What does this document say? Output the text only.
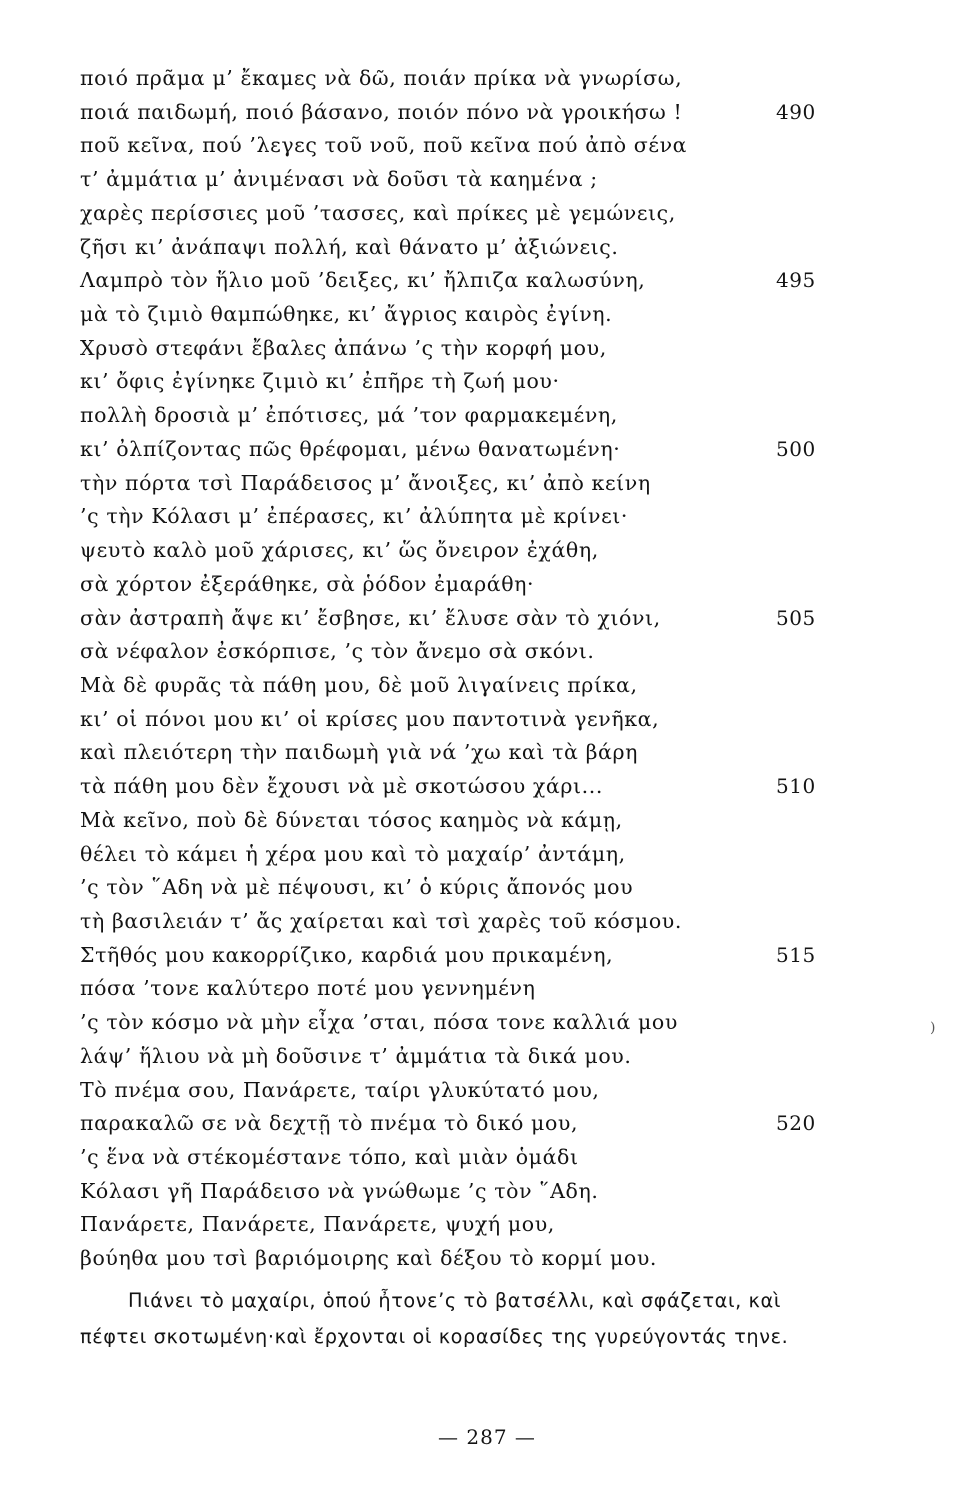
ποιό πρᾶμα μ’ ἔκαμες νὰ δῶ, ποιάν πρίκα νὰ γνωρίσω,
ποιά παιδωμή, ποιό βάσανο, ποιόν πόνο νὰ γροικήσω !	490
ποῦ κεῖνα, πού ’λεγες τοῦ νοῦ, ποῦ κεῖνα πού ἀπὸ σένα
τ’ ἀμμάτια μ’ ἀνιμένασι νὰ δοῦσι τὰ καημένα ;
χαρὲς περίσσιες μοῦ ’τασσες, καὶ πρίκες μὲ γεμώνεις,
ζῆσι κι’ ἀνάπαψι πολλή, καὶ θάνατο μ’ ἀξιώνεις.
Λαμπρὸ τὸν ἥλιο μοῦ ’δειξες, κι’ ἤλπιζα καλωσύνη,	495
μὰ τὸ ζιμιὸ θαμπώθηκε, κι’ ἄγριος καιρὸς ἐγίνη.
Χρυσὸ στεφάνι ἔβαλες ἀπάνω ’ς τὴν κορφή μου,
κι’ ὄφις ἐγίνηκε ζιμιὸ κι’ ἐπῆρε τὴ ζωή μου·
πολλὴ δροσιὰ μ’ ἐπότισες, μά ’τον φαρμακεμένη,
κι’ ὀλπίζοντας πῶς θρέφομαι, μένω θανατωμένη·	500
τὴν πόρτα τσὶ Παράδεισος μ’ ἄνοιξες, κι’ ἀπὸ κείνη
’ς τὴν Κόλασι μ’ ἐπέρασες, κι’ ἀλύπητα μὲ κρίνει·
ψευτὸ καλὸ μοῦ χάρισες, κι’ ὥς ὄνειρον ἐχάθη,
σὰ χόρτον ἐξεράθηκε, σὰ ῥόδον ἐμαράθη·
σὰν ἀστραπὴ ἄψε κι’ ἔσβησε, κι’ ἔλυσε σὰν τὸ χιόνι,	505
σὰ νέφαλον ἐσκόρπισε, ’ς τὸν ἄνεμο σὰ σκόνι.
Μὰ δὲ φυρᾶς τὰ πάθη μου, δὲ μοῦ λιγαίνεις πρίκα,
κι’ οἱ πόνοι μου κι’ οἱ κρίσες μου παντοτινὰ γενῆκα,
καὶ πλειότερη τὴν παιδωμὴ γιὰ νά ’χω καὶ τὰ βάρη
τὰ πάθη μου δὲν ἔχουσι νὰ μὲ σκοτώσου χάρι...	510
Μὰ κεῖνο, ποὺ δὲ δύνεται τόσος καημὸς νὰ κάμῃ,
θέλει τὸ κάμει ἡ χέρα μου καὶ τὸ μαχαίρ’ ἀντάμη,
’ς τὸν ῞Αδη νὰ μὲ πέψουσι, κι’ ὁ κύρις ἄπονός μου
τὴ βασιλειάν τ’ ἄς χαίρεται καὶ τσὶ χαρὲς τοῦ κόσμου.
Στῆθός μου κακορρίζικο, καρδιά μου πρικαμένη,	515
πόσα ’τονε καλύτερο ποτέ μου γεννημένη
’ς τὸν κόσμο νὰ μὴν εἶχα ’σται, πόσα τονε καλλιά μου
λάψ’ ἥλιου νὰ μὴ δοῦσινε τ’ ἀμμάτια τὰ δικά μου.
Τὸ πνέμα σου, Πανάρετε, ταίρι γλυκύτατό μου,
παρακαλῶ σε νὰ δεχτῇ τὸ πνέμα τὸ δικό μου,	520
’ς ἕνα νὰ στέκομέστανε τόπο, καὶ μιὰν ὁμάδι
Κόλασι γῆ Παράδεισο νὰ γνώθωμε ’ς τὸν ῞Αδη.
Πανάρετε, Πανάρετε, Πανάρετε, ψυχή μου,
βούηθα μου τσὶ βαριόμοιρης καὶ δέξου τὸ κορμί μου.
Πιάνει τὸ μαχαίρι, ὁπού ἦτονε’ς τὸ βατσέλλι, καὶ σφάζεται, καὶ
πέφτει σκοτωμένη·καὶ ἔρχονται οἱ κορασίδες της γυρεύγοντάς τηνε.
— 287 —
)
